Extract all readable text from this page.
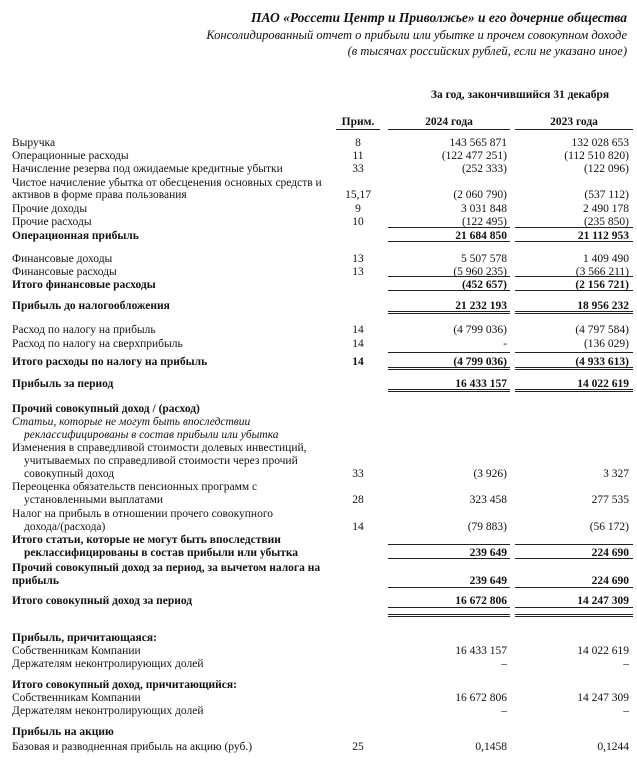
ПАО «Россети Центр и Приволжье» и его дочерние общества
Консолидированный отчет о прибыли или убытке и прочем совокупном доходе
(в тысячах российских рублей, если не указано иное)
За год, закончившийся 31 декабря
Прим.	2024 года	2023 года
Выручка	8	143 565 871	132 028 653
Операционные расходы	11	(122 477 251)	(112 510 820)
Начисление резерва под ожидаемые кредитные убытки	33	(252 333)	(122 096)
Чистое начисление убытка от обесценения основных средств и
активов в форме права пользования	15,17	(2 060 790)	(537 112)
Прочие доходы	9	3 031 848	2 490 178
Прочие расходы	10	(122 495)	(235 850)
Операционная прибыль	21 684 850	21 112 953
Финансовые доходы	13	5 507 578	1 409 490
Финансовые расходы	13	(5 960 235)	(3 566 211)
Итого финансовые расходы	(452 657)	(2 156 721)
Прибыль до налогообложения	21 232 193	18 956 232
Расход по налогу на прибыль	14	(4 799 036)	(4 797 584)
Расход по налогу на сверхприбыль	14	-	(136 029)
Итого расходы по налогу на прибыль	14	(4 799 036)	(4 933 613)
Прибыль за период	16 433 157	14 022 619
Прочий совокупный доход / (расход)
Статьи, которые не могут быть впоследствии
реклассифицированы в состав прибыли или убытка
Изменения в справедливой стоимости долевых инвестиций,
учитываемых по справедливой стоимости через прочий
совокупный доход	33	(3 926)	3 327
Переоценка обязательств пенсионных программ с
установленными выплатами	28	323 458	277 535
Налог на прибыль в отношении прочего совокупного
дохода/(расхода)	14	(79 883)	(56 172)
Итого статьи, которые не могут быть впоследствии
реклассифицированы в состав прибыли или убытка	239 649	224 690
Прочий совокупный доход за период, за вычетом налога на
прибыль	239 649	224 690
Итого совокупный доход за период	16 672 806	14 247 309
Прибыль, причитающаяся:
Собственникам Компании	16 433 157	14 022 619
Держателям неконтролирующих долей	–	–
Итого совокупный доход, причитающийся:
Собственникам Компании	16 672 806	14 247 309
Держателям неконтролирующих долей	–	–
Прибыль на акцию
Базовая и разводненная прибыль на акцию (руб.)	25	0,1458	0,1244
